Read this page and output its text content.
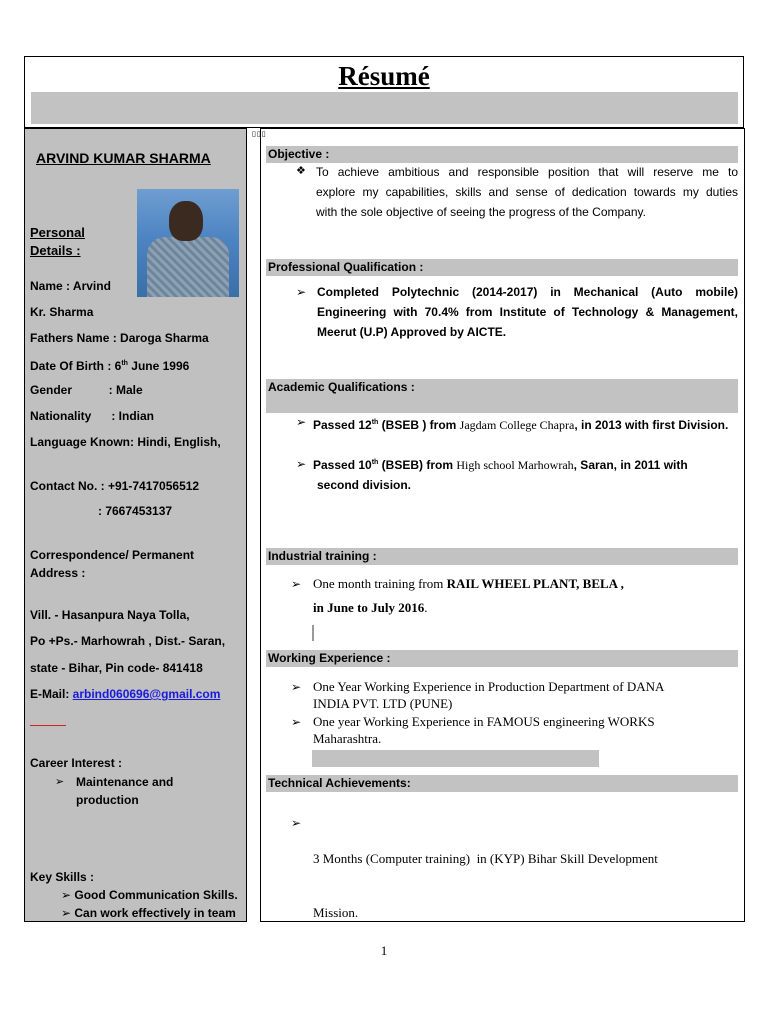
Résumé
ARVIND KUMAR SHARMA
Personal
Details :
Name : Arvind
Kr. Sharma
Fathers Name : Daroga Sharma
Date Of Birth : 6th June 1996
Gender           : Male
Nationality      : Indian
Language Known: Hindi, English,
Contact No. : +91-7417056512
: 7667453137
Correspondence/ Permanent
Address :
Vill. - Hasanpura Naya Tolla,
Po +Ps.- Marhowrah , Dist.- Saran,
state - Bihar, Pin code- 841418
E-Mail: arbind060696@gmail.com
Career Interest :
➢ Maintenance and
production
Key Skills :
➢ Good Communication Skills.
➢ Can work effectively in team
▯▯▯
Objective :
❖ To achieve ambitious and responsible position that will reserve me to
explore my capabilities, skills and sense of dedication towards my duties
with the sole objective of seeing the progress of the Company.
Professional Qualification :
➢ Completed Polytechnic (2014-2017) in Mechanical (Auto mobile)
Engineering with 70.4% from Institute of Technology & Management,
Meerut (U.P) Approved by AICTE.
Academic Qualifications :
➢ Passed 12th (BSEB ) from Jagdam College Chapra, in 2013 with first Division.
➢ Passed 10th (BSEB) from High school Marhowrah, Saran, in 2011 with
second division.
Industrial training :
➢ One month training from RAIL WHEEL PLANT, BELA ,
in June to July 2016.
Working Experience :
➢ One Year Working Experience in Production Department of DANA
INDIA PVT. LTD (PUNE)
➢ One year Working Experience in FAMOUS engineering WORKS
Maharashtra.
Technical Achievements:
➢

3 Months (Computer training)  in (KYP) Bihar Skill Development

Mission.

1
